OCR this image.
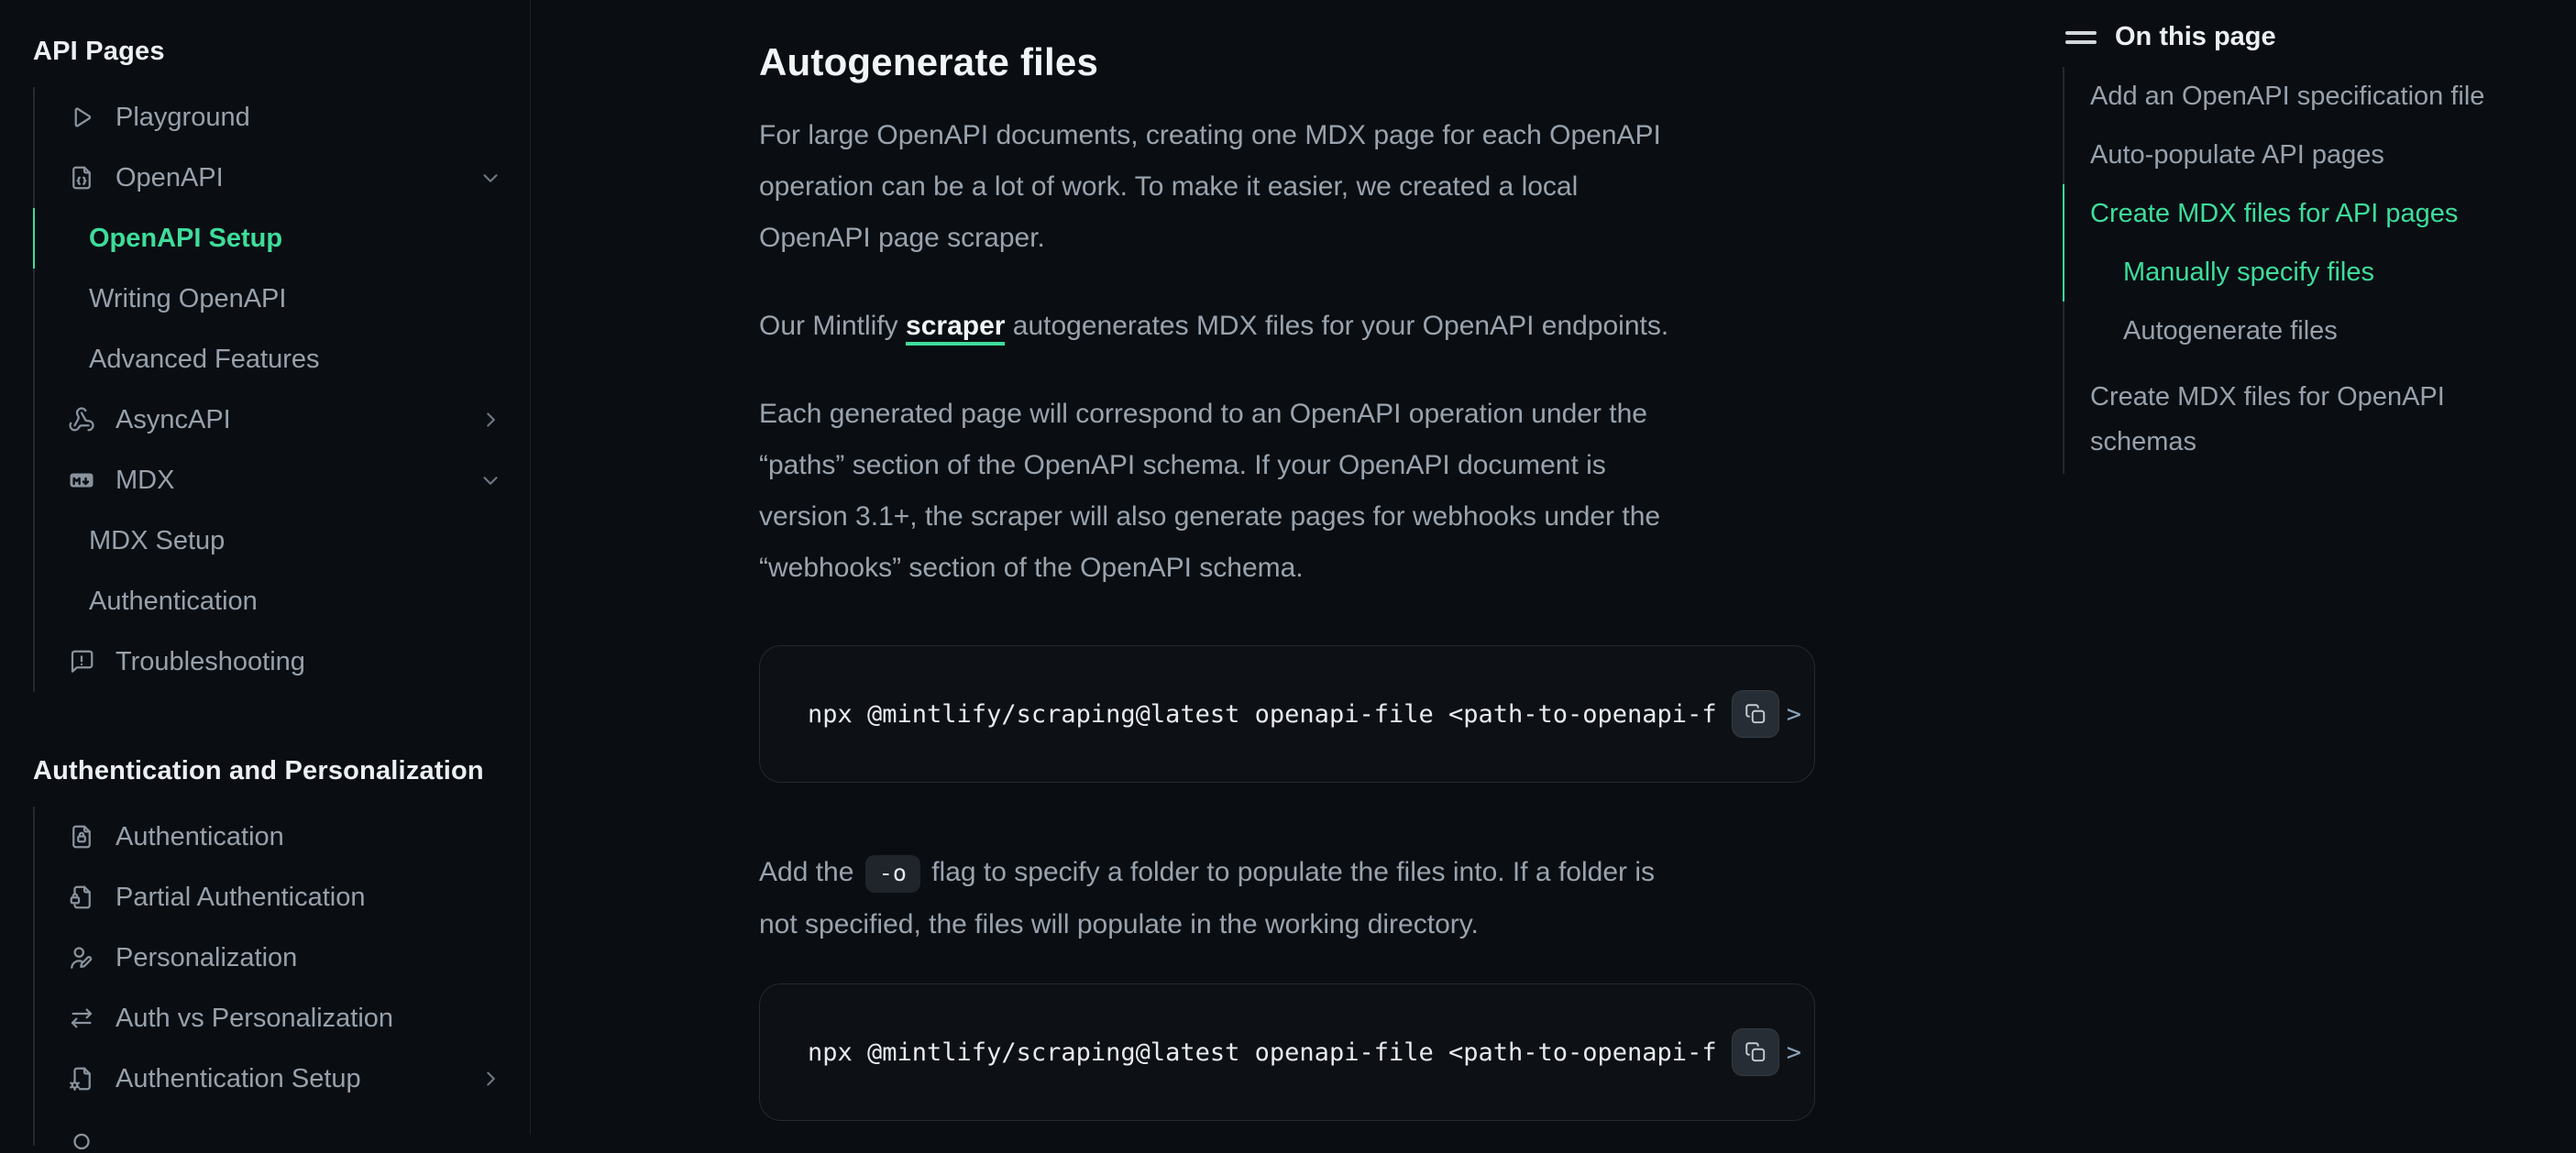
API Pages
Playground
OpenAPI
OpenAPI Setup
Writing OpenAPI
Advanced Features
AsyncAPI
MDX
MDX Setup
Authentication
Troubleshooting
Authentication and Personalization
Authentication
Partial Authentication
Personalization
Auth vs Personalization
Authentication Setup
Autogenerate files
For large OpenAPI documents, creating one MDX page for each OpenAPI
operation can be a lot of work. To make it easier, we created a local
OpenAPI page scraper.
Our Mintlify scraper autogenerates MDX files for your OpenAPI endpoints.
Each generated page will correspond to an OpenAPI operation under the
“paths” section of the OpenAPI schema. If your OpenAPI document is
version 3.1+, the scraper will also generate pages for webhooks under the
“webhooks” section of the OpenAPI schema.
npx @mintlify/scraping@latest openapi-file <path-to-openapi-f	>
Add the -o flag to specify a folder to populate the files into. If a folder is
not specified, the files will populate in the working directory.
npx @mintlify/scraping@latest openapi-file <path-to-openapi-f	>
On this page
Add an OpenAPI specification file
Auto-populate API pages
Create MDX files for API pages
Manually specify files
Autogenerate files
Create MDX files for OpenAPI
schemas
